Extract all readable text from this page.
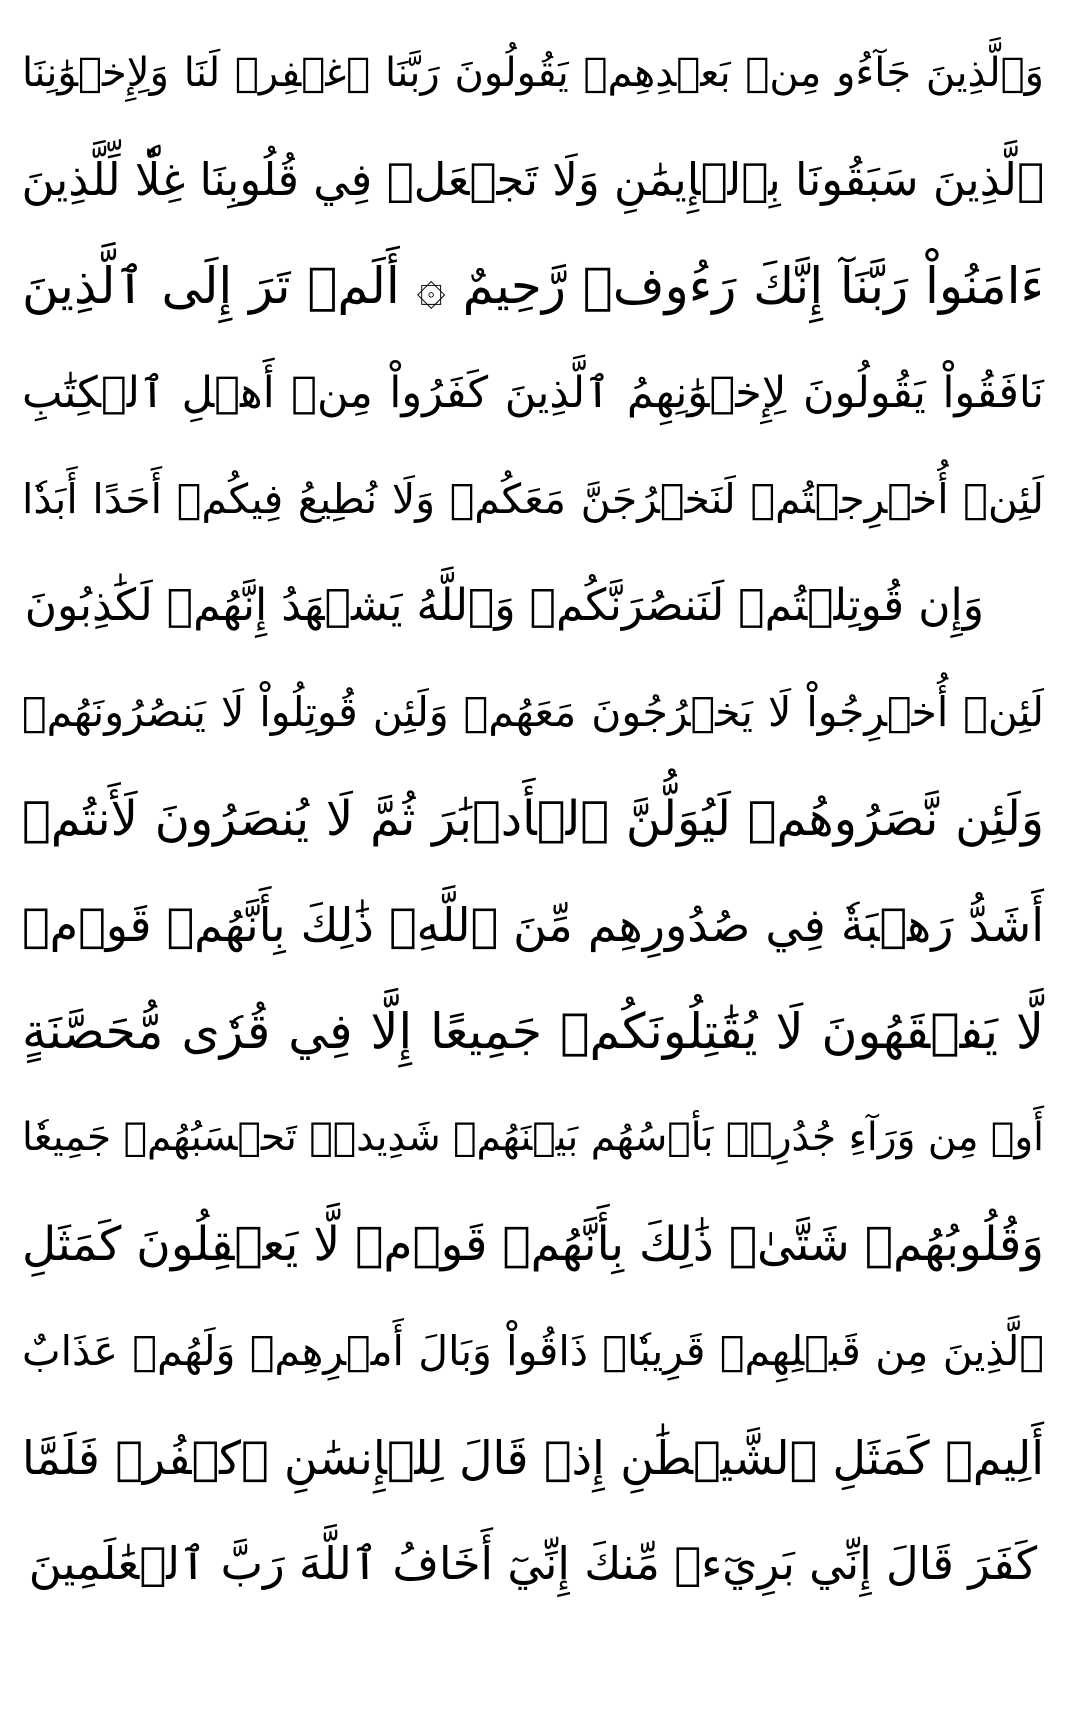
وَٱلَّذِينَ جَآءُو مِنۢ بَعۡدِهِمۡ يَقُولُونَ رَبَّنَا ٱغۡفِرۡ لَنَا وَلِإِخۡوَٰنِنَا
ٱلَّذِينَ سَبَقُونَا بِٱلۡإِيمَٰنِ وَلَا تَجۡعَلۡ فِي قُلُوبِنَا غِلّٗا لِّلَّذِينَ
ءَامَنُواْ رَبَّنَآ إِنَّكَ رَءُوفٞ رَّحِيمٌ ۞ أَلَمۡ تَرَ إِلَى ٱلَّذِينَ
نَافَقُواْ يَقُولُونَ لِإِخۡوَٰنِهِمُ ٱلَّذِينَ كَفَرُواْ مِنۡ أَهۡلِ ٱلۡكِتَٰبِ
لَئِنۡ أُخۡرِجۡتُمۡ لَنَخۡرُجَنَّ مَعَكُمۡ وَلَا نُطِيعُ فِيكُمۡ أَحَدًا أَبَدٗا
وَإِن قُوتِلۡتُمۡ لَنَنصُرَنَّكُمۡ وَٱللَّهُ يَشۡهَدُ إِنَّهُمۡ لَكَٰذِبُونَ
لَئِنۡ أُخۡرِجُواْ لَا يَخۡرُجُونَ مَعَهُمۡ وَلَئِن قُوتِلُواْ لَا يَنصُرُونَهُمۡ
وَلَئِن نَّصَرُوهُمۡ لَيُوَلُّنَّ ٱلۡأَدۡبَٰرَ ثُمَّ لَا يُنصَرُونَ لَأَنتُمۡ
أَشَدُّ رَهۡبَةٗ فِي صُدُورِهِم مِّنَ ٱللَّهِۚ ذَٰلِكَ بِأَنَّهُمۡ قَوۡمٞ
لَّا يَفۡقَهُونَ لَا يُقَٰتِلُونَكُمۡ جَمِيعًا إِلَّا فِي قُرٗى مُّحَصَّنَةٍ
أَوۡ مِن وَرَآءِ جُدُرِۭۚ بَأۡسُهُم بَيۡنَهُمۡ شَدِيدٞۚ تَحۡسَبُهُمۡ جَمِيعٗا
وَقُلُوبُهُمۡ شَتَّىٰۚ ذَٰلِكَ بِأَنَّهُمۡ قَوۡمٞ لَّا يَعۡقِلُونَ كَمَثَلِ
ٱلَّذِينَ مِن قَبۡلِهِمۡ قَرِيبٗاۖ ذَاقُواْ وَبَالَ أَمۡرِهِمۡ وَلَهُمۡ عَذَابٌ
أَلِيمٞ كَمَثَلِ ٱلشَّيۡطَٰنِ إِذۡ قَالَ لِلۡإِنسَٰنِ ٱكۡفُرۡ فَلَمَّا
كَفَرَ قَالَ إِنِّي بَرِيٓءٞ مِّنكَ إِنِّيٓ أَخَافُ ٱللَّهَ رَبَّ ٱلۡعَٰلَمِينَ
